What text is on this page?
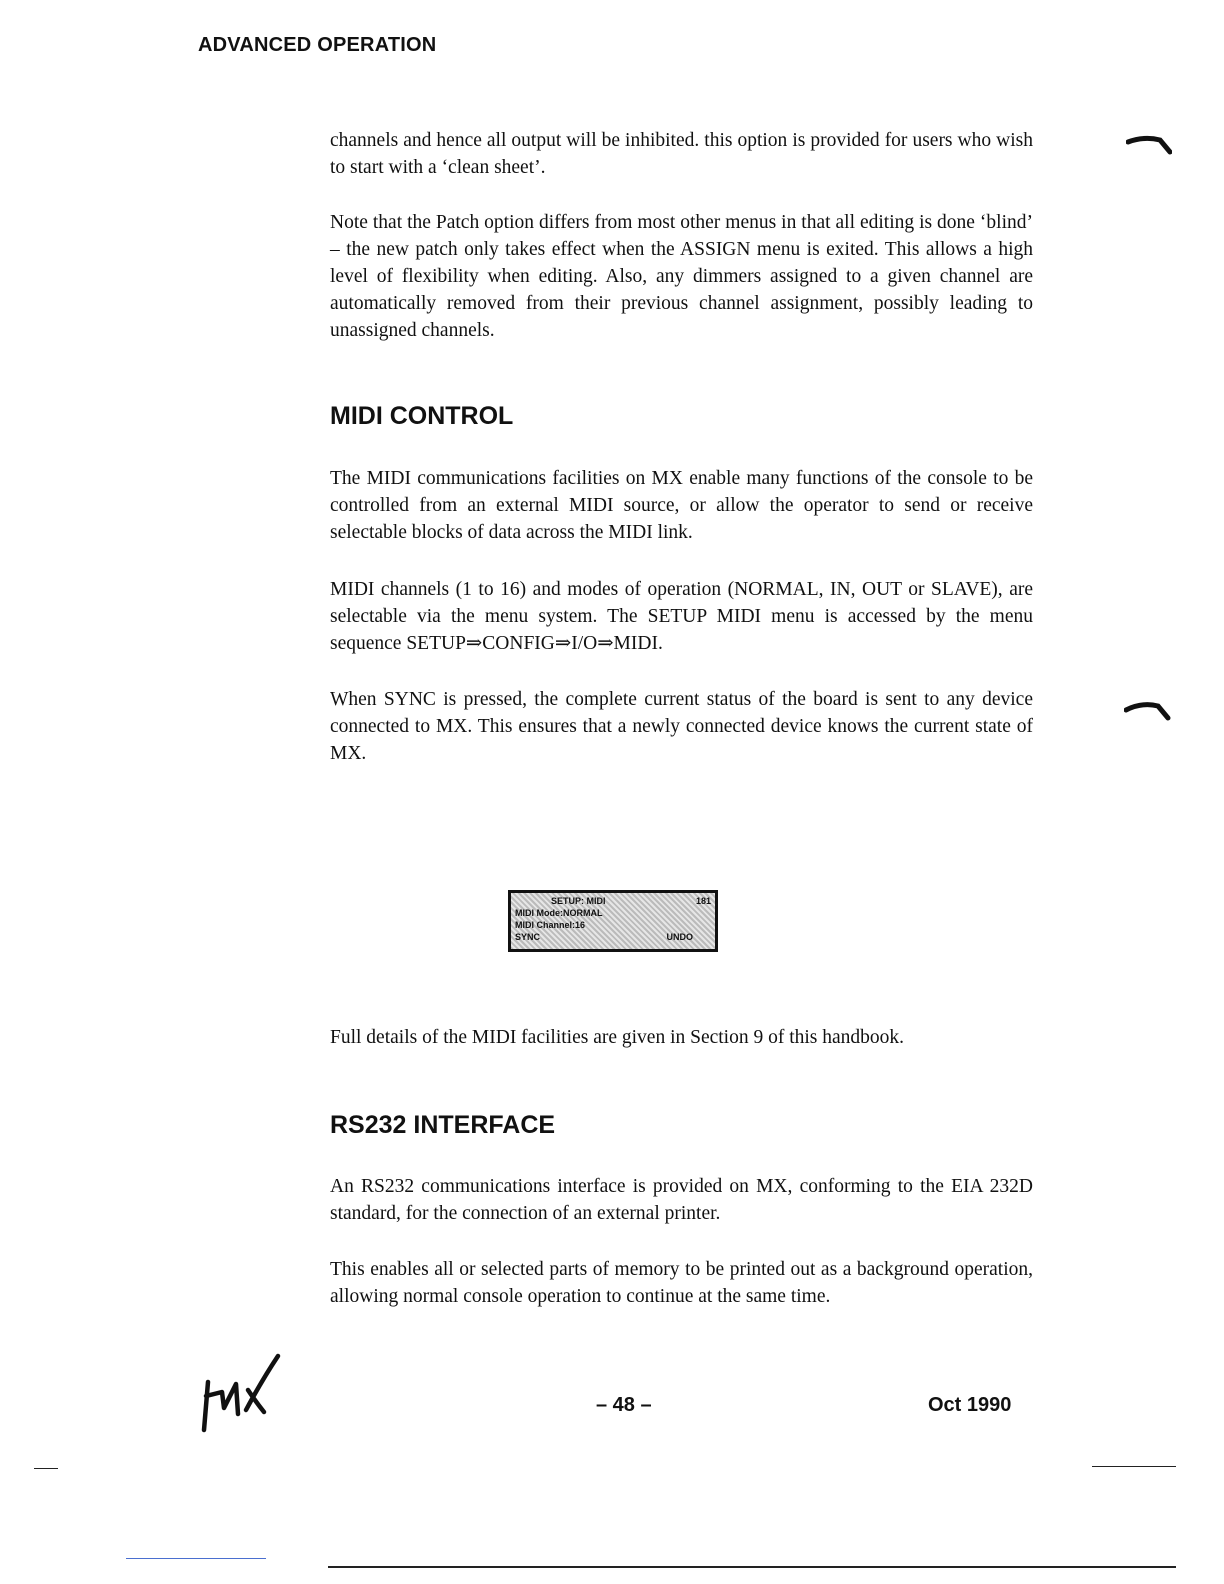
ADVANCED OPERATION

channels and hence all output will be inhibited. this option is provided for users who wish to start with a ‘clean sheet’.

Note that the Patch option differs from most other menus in that all editing is done ‘blind’ – the new patch only takes effect when the ASSIGN menu is exited. This allows a high level of flexibility when editing. Also, any dimmers assigned to a given channel are automatically removed from their previous channel assignment, possibly leading to unassigned channels.

MIDI CONTROL

The MIDI communications facilities on MX enable many functions of the console to be controlled from an external MIDI source, or allow the operator to send or receive selectable blocks of data across the MIDI link.

MIDI channels (1 to 16) and modes of operation (NORMAL, IN, OUT or SLAVE), are selectable via the menu system. The SETUP MIDI menu is accessed by the menu sequence SETUP⇒CONFIG⇒I/O⇒MIDI.

When SYNC is pressed, the complete current status of the board is sent to any device connected to MX. This ensures that a newly connected device knows the current state of MX.

SETUP: MIDI	181
MIDI Mode:NORMAL
MIDI Channel:16
SYNC	UNDO

Full details of the MIDI facilities are given in Section 9 of this handbook.

RS232 INTERFACE

An RS232 communications interface is provided on MX, conforming to the EIA 232D standard, for the connection of an external printer.

This enables all or selected parts of memory to be printed out as a background operation, allowing normal console operation to continue at the same time.

– 48 –	Oct 1990
